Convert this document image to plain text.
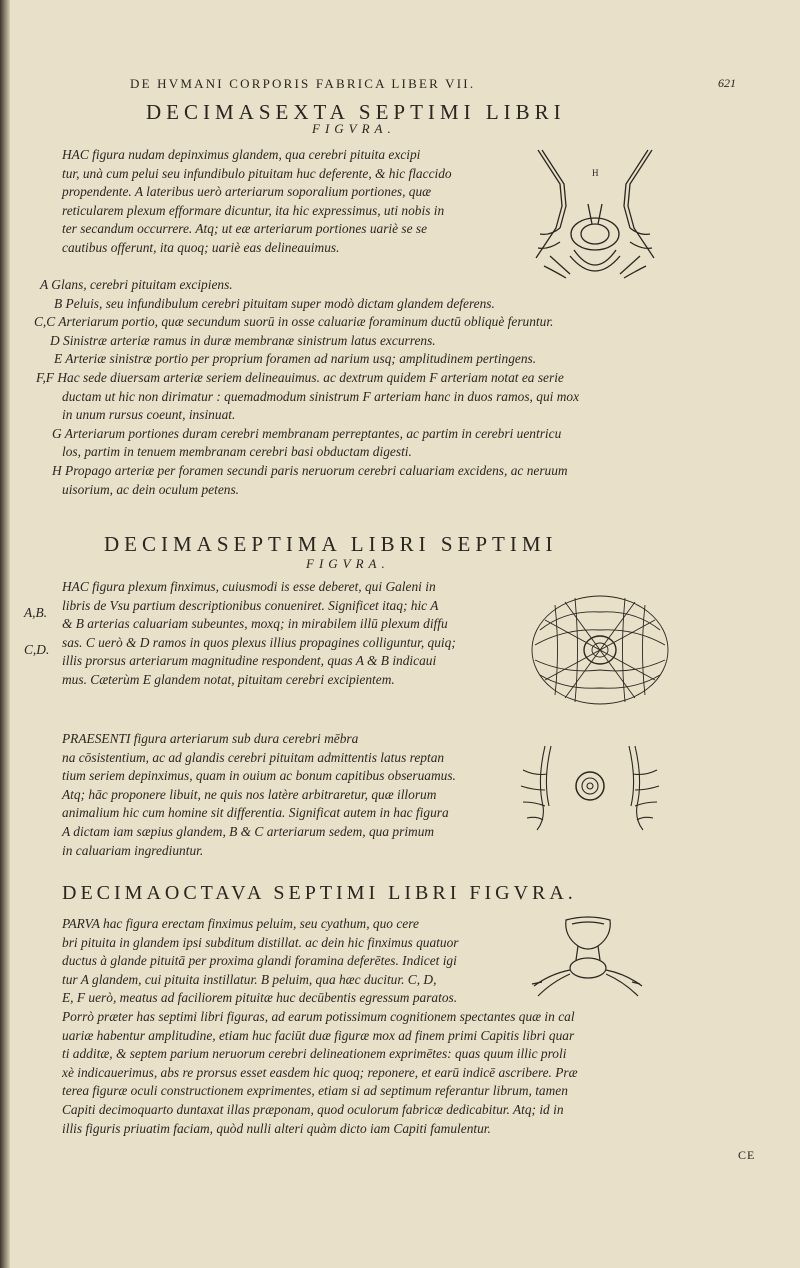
DE HVMANI CORPORIS FABRICA LIBER VII.	621
DECIMASEXTA SEPTIMI LIBRI
FIGVRA.

HAC figura nudam depinximus glandem, qua cerebri pituita excipi

tur, unà cum pelui seu infundibulo pituitam huc deferente, & hic flaccido

propendente. A lateribus uerò arteriarum soporalium portiones, quæ

reticularem plexum efformare dicuntur, ita hic expressimus, uti nobis in

ter secandum occurrere. Atq; ut eæ arteriarum portiones uariè se se

cautibus offerunt, ita quoq; uariè eas delineauimus.

H

A Glans, cerebri pituitam excipiens.

B Peluis, seu infundibulum cerebri pituitam super modò dictam glandem deferens.

C,C Arteriarum portio, quæ secundum suorū in osse caluariæ foraminum ductū obliquè feruntur.

D Sinistræ arteriæ ramus in duræ membranæ sinistrum latus excurrens.

E Arteriæ sinistræ portio per proprium foramen ad narium usq; amplitudinem pertingens.

F,F Hac sede diuersam arteriæ seriem delineauimus. ac dextrum quidem F arteriam notat ea serie

ductam ut hic non dirimatur : quemadmodum sinistrum F arteriam hanc in duos ramos, qui mox

in unum rursus coeunt, insinuat.

G Arteriarum portiones duram cerebri membranam perreptantes, ac partim in cerebri uentricu

los, partim in tenuem membranam cerebri basi obductam digesti.

H Propago arteriæ per foramen secundi paris neruorum cerebri caluariam excidens, ac neruum

uisorium, ac dein oculum petens.

DECIMASEPTIMA LIBRI SEPTIMI
FIGVRA.

A,B.

C,D.

HAC figura plexum finximus, cuiusmodi is esse deberet, qui Galeni in

libris de Vsu partium descriptionibus conueniret. Significet itaq; hic A

& B arterias caluariam subeuntes, moxq; in mirabilem illū plexum diffu

sas. C uerò & D ramos in quos plexus illius propagines colliguntur, quiq;

illis prorsus arteriarum magnitudine respondent, quas A & B indicaui

mus. Cæterùm E glandem notat, pituitam cerebri excipientem.

PRAESENTI figura arteriarum sub dura cerebri mēbra

na cōsistentium, ac ad glandis cerebri pituitam admittentis latus reptan

tium seriem depinximus, quam in ouium ac bonum capitibus obseruamus.

Atq; hāc proponere libuit, ne quis nos latère arbitraretur, quæ illorum

animalium hic cum homine sit differentia. Significat autem in hac figura

A dictam iam sæpius glandem, B & C arteriarum sedem, qua primum

in caluariam ingrediuntur.

DECIMAOCTAVA SEPTIMI LIBRI FIGVRA.

PARVA hac figura erectam finximus peluim, seu cyathum, quo cere

bri pituita in glandem ipsi subditum distillat. ac dein hic finximus quatuor

ductus à glande pituitā per proxima glandi foramina deferētes. Indicet igi

tur A glandem, cui pituita instillatur. B peluim, qua hæc ducitur. C, D,

E, F uerò, meatus ad faciliorem pituitæ huc decūbentis egressum paratos.

Porrò præter has septimi libri figuras, ad earum potissimum cognitionem spectantes quæ in cal

uariæ habentur amplitudine, etiam huc faciūt duæ figuræ mox ad finem primi Capitis libri quar

ti additæ, & septem parium neruorum cerebri delineationem exprimētes: quas quum illic proli

xè indicauerimus, abs re prorsus esset easdem hic quoq; reponere, et earū indicē ascribere. Præ

terea figuræ oculi constructionem exprimentes, etiam si ad septimum referantur librum, tamen

Capiti decimoquarto duntaxat illas præponam, quod oculorum fabricæ dedicabitur. Atq; id in

illis figuris priuatim faciam, quòd nulli alteri quàm dicto iam Capiti famulentur.

CE
